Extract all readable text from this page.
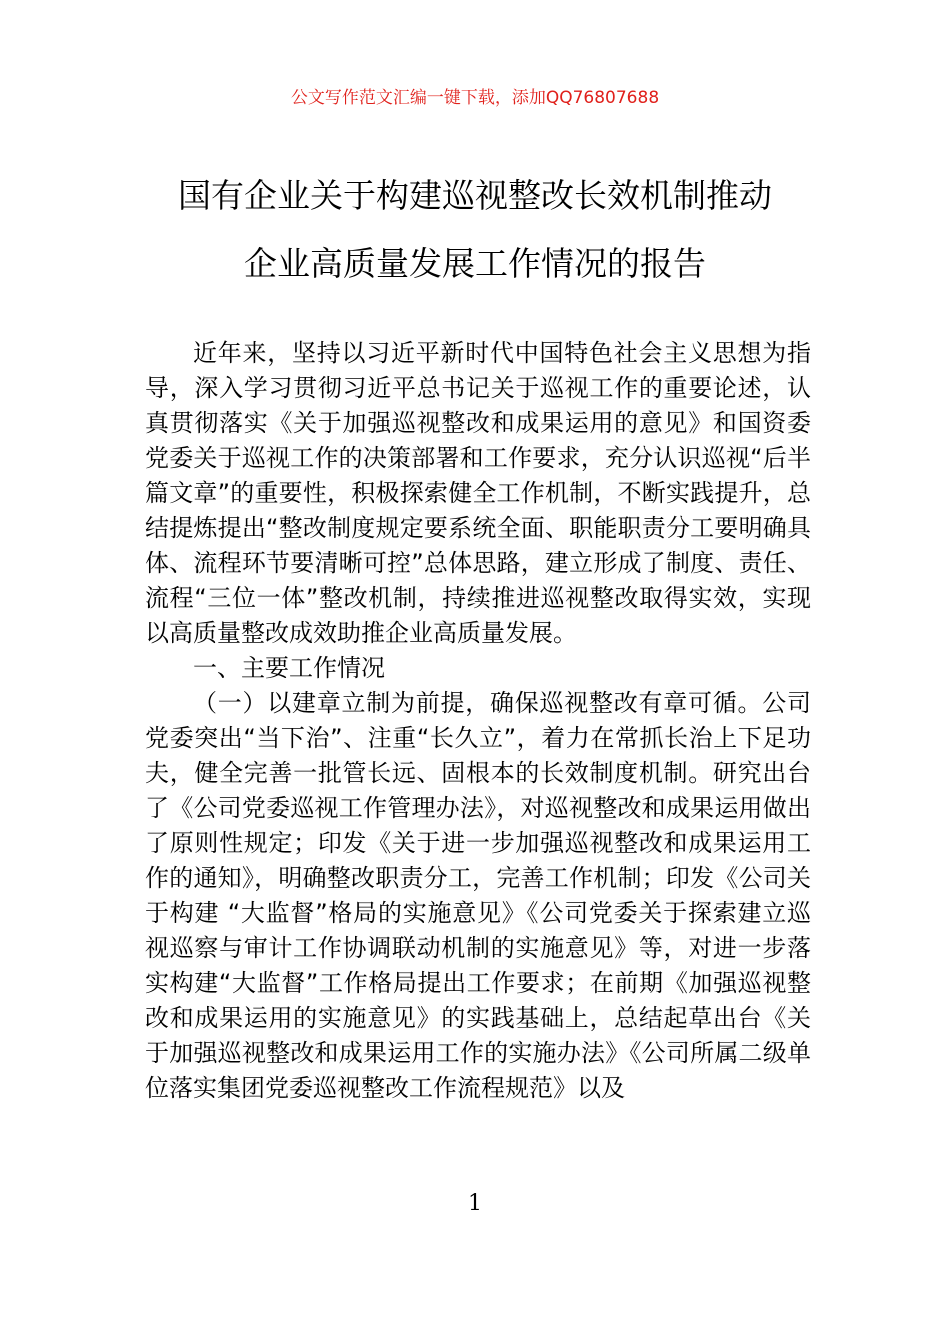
公文写作范文汇编一键下载，添加QQ76807688
国有企业关于构建巡视整改长效机制推动
企业高质量发展工作情况的报告

近年来，坚持以习近平新时代中国特色社会主义思想为指导，深入学习贯彻习近平总书记关于巡视工作的重要论述，认真贯彻落实《关于加强巡视整改和成果运用的意见》和国资委党委关于巡视工作的决策部署和工作要求，充分认识巡视“后半篇文章”的重要性，积极探索健全工作机制，不断实践提升，总结提炼提出“整改制度规定要系统全面、职能职责分工要明确具体、流程环节要清晰可控”总体思路，建立形成了制度、责任、流程“三位一体”整改机制，持续推进巡视整改取得实效，实现以高质量整改成效助推企业高质量发展。

一、主要工作情况

（一）以建章立制为前提，确保巡视整改有章可循。公司党委突出“当下治”、注重“长久立”，着力在常抓长治上下足功夫，健全完善一批管长远、固根本的长效制度机制。研究出台了《公司党委巡视工作管理办法》，对巡视整改和成果运用做出了原则性规定；印发《关于进一步加强巡视整改和成果运用工作的通知》，明确整改职责分工，完善工作机制；印发《公司关于构建 “大监督”格局的实施意见》《公司党委关于探索建立巡视巡察与审计工作协调联动机制的实施意见》等，对进一步落实构建“大监督”工作格局提出工作要求；在前期《加强巡视整改和成果运用的实施意见》的实践基础上，总结起草出台《关于加强巡视整改和成果运用工作的实施办法》《公司所属二级单位落实集团党委巡视整改工作流程规范》以及

1
